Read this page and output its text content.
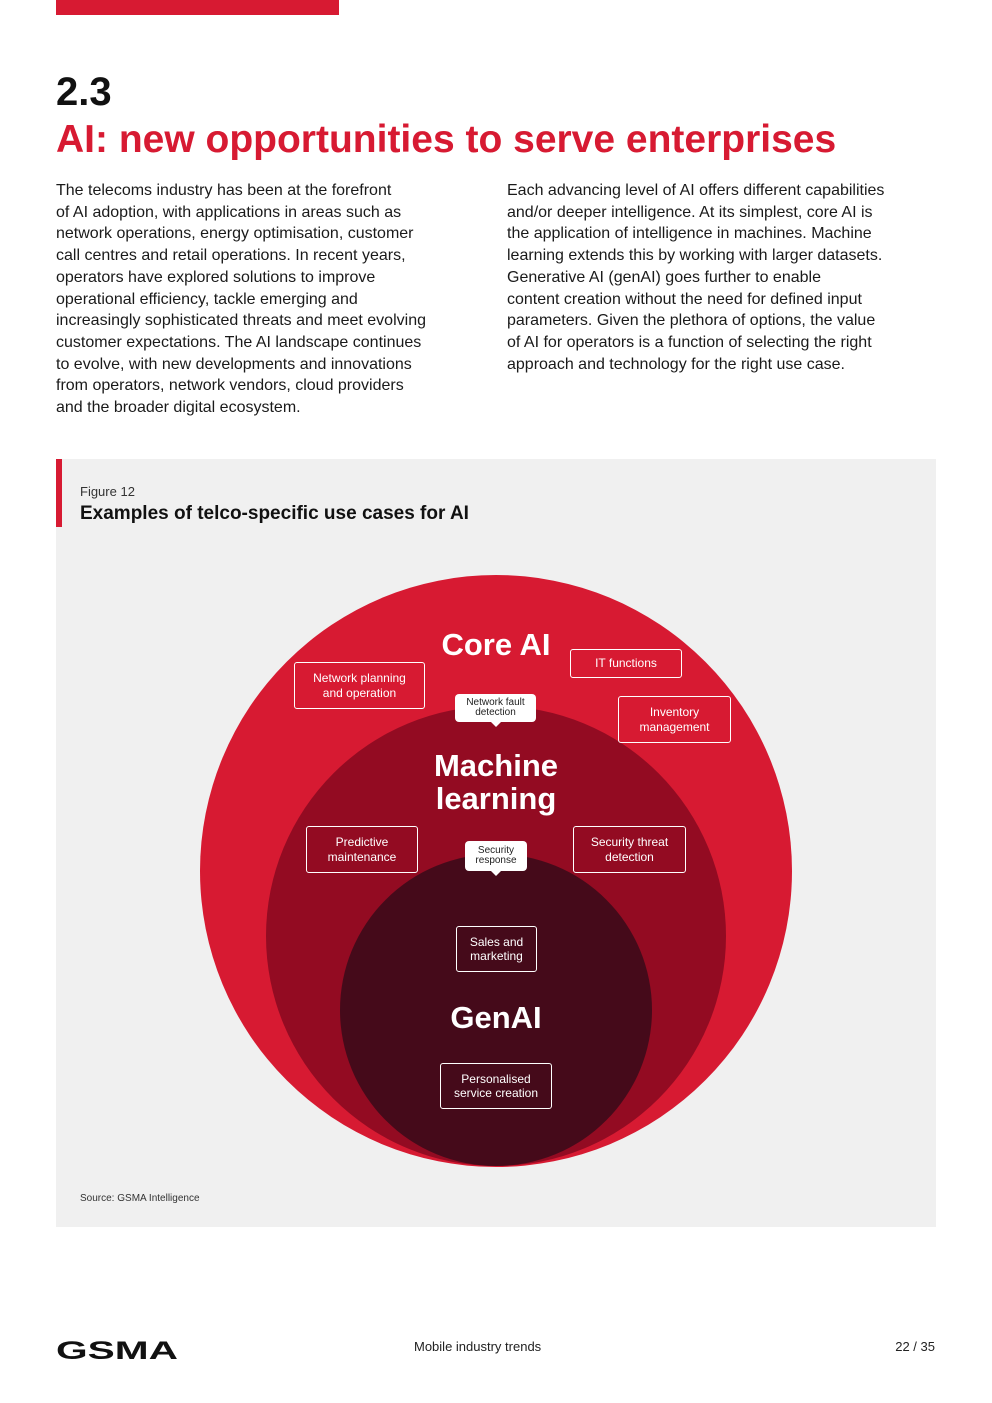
2.3
AI: new opportunities to serve enterprises
The telecoms industry has been at the forefront
of AI adoption, with applications in areas such as
network operations, energy optimisation, customer
call centres and retail operations. In recent years,
operators have explored solutions to improve
operational efficiency, tackle emerging and
increasingly sophisticated threats and meet evolving
customer expectations. The AI landscape continues
to evolve, with new developments and innovations
from operators, network vendors, cloud providers
and the broader digital ecosystem.
Each advancing level of AI offers different capabilities
and/or deeper intelligence. At its simplest, core AI is
the application of intelligence in machines. Machine
learning extends this by working with larger datasets.
Generative AI (genAI) goes further to enable
content creation without the need for defined input
parameters. Given the plethora of options, the value
of AI for operators is a function of selecting the right
approach and technology for the right use case.
Figure 12
Examples of telco-specific use cases for AI
Core AI
Machine
learning
GenAI
Network planning
and operation
IT functions
Inventory
management
Predictive
maintenance
Security threat
detection
Sales and
marketing
Personalised
service creation
Network fault
detection
Security
response
Source: GSMA Intelligence
GSMA	Mobile industry trends	22 / 35
